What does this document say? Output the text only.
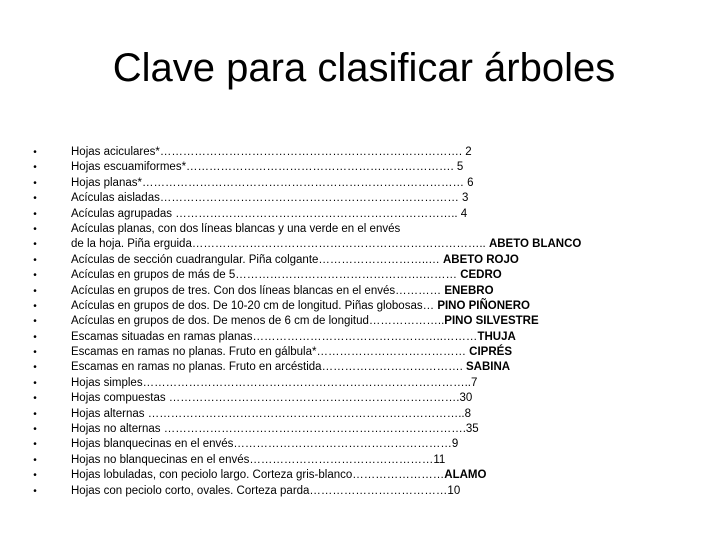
Clave para clasificar árboles
•	Hojas aciculares*……………………………………………………………………. 2
•	Hojas escuamiformes*……………………………………………………………. 5
•	Hojas planas*………………………………………………………………………… 6
•	Acículas aisladas…………………………………………………………………… 3
•	Acículas agrupadas ……………………………………………………………….. 4
•	Acículas planas, con dos líneas blancas y una verde en el envés
•	de la hoja. Piña erguida………………………………………………………………….. ABETO BLANCO
•	Acículas de sección cuadrangular. Piña colgante………………………..… ABETO ROJO
•	Acículas en grupos de más de 5………………………………………….……… CEDRO
•	Acículas en grupos de tres. Con dos líneas blancas en el envés………… ENEBRO
•	Acículas en grupos de dos. De 10-20 cm de longitud. Piñas globosas… PINO PIÑONERO
•	Acículas en grupos de dos. De menos de 6 cm de longitud………………..PINO SILVESTRE
•	Escamas situadas en ramas planas…………………………………………..………THUJA
•	Escamas en ramas no planas. Fruto en gálbula*………………………………… CIPRÉS
•	Escamas en ramas no planas. Fruto en arcéstida………………………………. SABINA
•	Hojas simples…………………………………………………………………………..7
•	Hojas compuestas ………………………………………………………………….30
•	Hojas alternas ………………………………………………………………………..8
•	Hojas no alternas …………………………………………………………………….35
•	Hojas blanquecinas en el envés…………………………………………………9
•	Hojas no blanquecinas en el envés…………………………………………11
•	Hojas lobuladas, con peciolo largo. Corteza gris-blanco……………………ALAMO
•	Hojas con peciolo corto, ovales. Corteza parda………………………………10
